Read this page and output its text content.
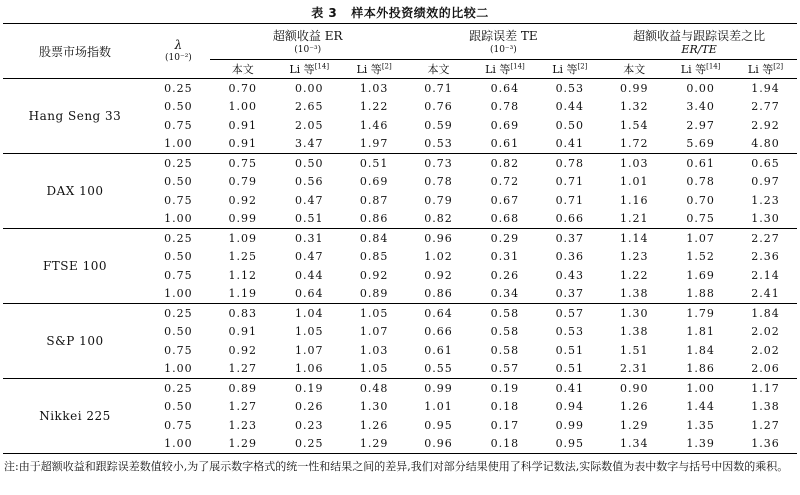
表 3 样本外投资绩效的比较二
股票市场指数	λ
(10⁻²)	超额收益 ER
(10⁻³)			跟踪误差 TE
(10⁻³)			超额收益与跟踪误差之比
ER/TE		

		本文	Li 等[14]	Li 等[2]	本文	Li 等[14]	Li 等[2]	本文	Li 等[14]	Li 等[2]
Hang Seng 33	0.25	0.70	0.00	1.03	0.71	0.64	0.53	0.99	0.00	1.94
	0.50	1.00	2.65	1.22	0.76	0.78	0.44	1.32	3.40	2.77
	0.75	0.91	2.05	1.46	0.59	0.69	0.50	1.54	2.97	2.92
	1.00	0.91	3.47	1.97	0.53	0.61	0.41	1.72	5.69	4.80
DAX 100	0.25	0.75	0.50	0.51	0.73	0.82	0.78	1.03	0.61	0.65
	0.50	0.79	0.56	0.69	0.78	0.72	0.71	1.01	0.78	0.97
	0.75	0.92	0.47	0.87	0.79	0.67	0.71	1.16	0.70	1.23
	1.00	0.99	0.51	0.86	0.82	0.68	0.66	1.21	0.75	1.30
FTSE 100	0.25	1.09	0.31	0.84	0.96	0.29	0.37	1.14	1.07	2.27
	0.50	1.25	0.47	0.85	1.02	0.31	0.36	1.23	1.52	2.36
	0.75	1.12	0.44	0.92	0.92	0.26	0.43	1.22	1.69	2.14
	1.00	1.19	0.64	0.89	0.86	0.34	0.37	1.38	1.88	2.41
S&P 100	0.25	0.83	1.04	1.05	0.64	0.58	0.57	1.30	1.79	1.84
	0.50	0.91	1.05	1.07	0.66	0.58	0.53	1.38	1.81	2.02
	0.75	0.92	1.07	1.03	0.61	0.58	0.51	1.51	1.84	2.02
	1.00	1.27	1.06	1.05	0.55	0.57	0.51	2.31	1.86	2.06
Nikkei 225	0.25	0.89	0.19	0.48	0.99	0.19	0.41	0.90	1.00	1.17
	0.50	1.27	0.26	1.30	1.01	0.18	0.94	1.26	1.44	1.38
	0.75	1.23	0.23	1.26	0.95	0.17	0.99	1.29	1.35	1.27
	1.00	1.29	0.25	1.29	0.96	0.18	0.95	1.34	1.39	1.36
注:由于超额收益和跟踪误差数值较小,为了展示数字格式的统一性和结果之间的差异,我们对部分结果使用了科学记数法,实际数值为表中数字与括号中因数的乘积。
